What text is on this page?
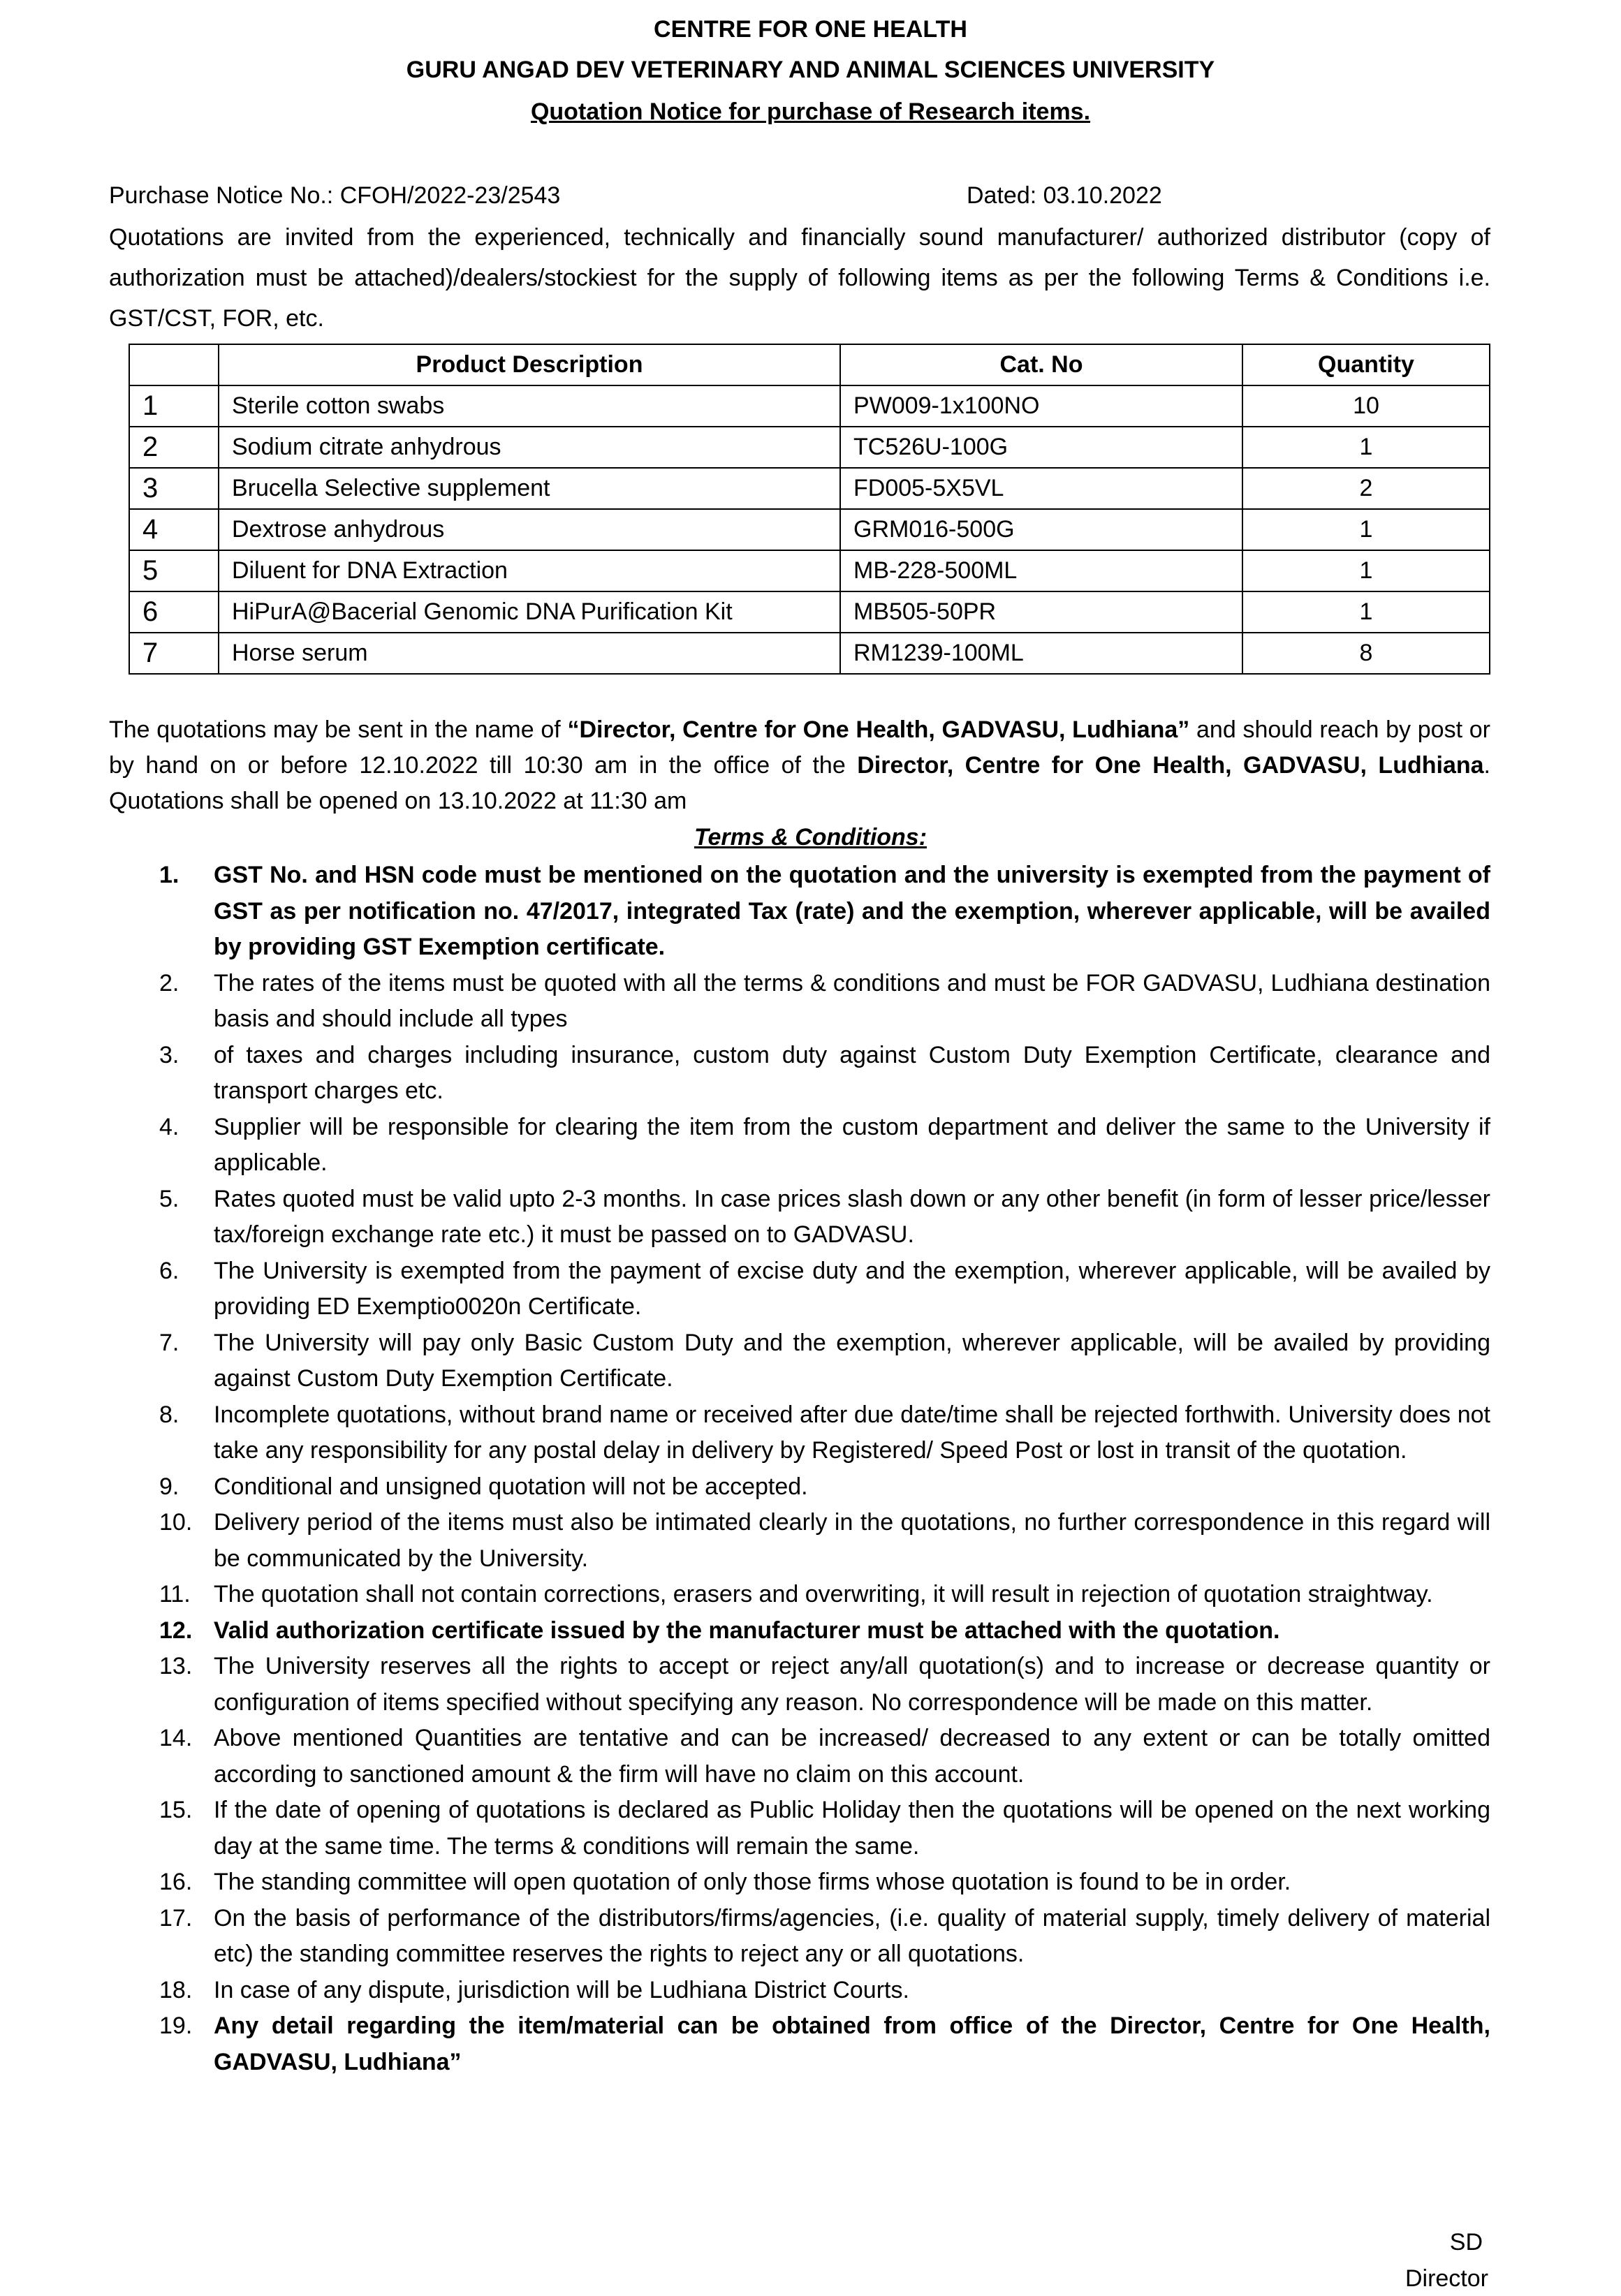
CENTRE FOR ONE HEALTH
GURU ANGAD DEV VETERINARY AND ANIMAL SCIENCES UNIVERSITY
Quotation Notice for purchase of Research items.
Purchase Notice No.: CFOH/2022-23/2543	Dated: 03.10.2022
Quotations are invited from the experienced, technically and financially sound manufacturer/ authorized distributor (copy of authorization must be attached)/dealers/stockiest for the supply of following items as per the following Terms & Conditions i.e. GST/CST, FOR, etc.
	Product Description	Cat. No	Quantity
1	Sterile cotton swabs	PW009-1x100NO	10
2	Sodium citrate anhydrous	TC526U-100G	1
3	Brucella Selective supplement	FD005-5X5VL	2
4	Dextrose anhydrous	GRM016-500G	1
5	Diluent for DNA Extraction	MB-228-500ML	1
6	HiPurA@Bacerial Genomic DNA Purification Kit	MB505-50PR	1
7	Horse serum	RM1239-100ML	8
The quotations may be sent in the name of “Director, Centre for One Health, GADVASU, Ludhiana” and should reach by post or by hand on or before 12.10.2022 till 10:30 am in the office of the Director, Centre for One Health, GADVASU, Ludhiana. Quotations shall be opened on 13.10.2022 at 11:30 am
Terms & Conditions:
1.	GST No. and HSN code must be mentioned on the quotation and the university is exempted from the payment of GST as per notification no. 47/2017, integrated Tax (rate) and the exemption, wherever applicable, will be availed by providing GST Exemption certificate.
2.	The rates of the items must be quoted with all the terms & conditions and must be FOR GADVASU, Ludhiana destination basis and should include all types
3.	of taxes and charges including insurance, custom duty against Custom Duty Exemption Certificate, clearance and transport charges etc.
4.	Supplier will be responsible for clearing the item from the custom department and deliver the same to the University if applicable.
5.	Rates quoted must be valid upto 2-3 months. In case prices slash down or any other benefit (in form of lesser price/lesser tax/foreign exchange rate etc.) it must be passed on to GADVASU.
6.	The University is exempted from the payment of excise duty and the exemption, wherever applicable, will be availed by providing ED Exemptio0020n Certificate.
7.	The University will pay only Basic Custom Duty and the exemption, wherever applicable, will be availed by providing against Custom Duty Exemption Certificate.
8.	Incomplete quotations, without brand name or received after due date/time shall be rejected forthwith. University does not take any responsibility for any postal delay in delivery by Registered/ Speed Post or lost in transit of the quotation.
9.	Conditional and unsigned quotation will not be accepted.
10. Delivery period of the items must also be intimated clearly in the quotations, no further correspondence in this regard will be communicated by the University.
11. The quotation shall not contain corrections, erasers and overwriting, it will result in rejection of quotation straightway.
12. Valid authorization certificate issued by the manufacturer must be attached with the quotation.
13. The University reserves all the rights to accept or reject any/all quotation(s) and to increase or decrease quantity or configuration of items specified without specifying any reason. No correspondence will be made on this matter.
14. Above mentioned Quantities are tentative and can be increased/ decreased to any extent or can be totally omitted according to sanctioned amount & the firm will have no claim on this account.
15. If the date of opening of quotations is declared as Public Holiday then the quotations will be opened on the next working day at the same time. The terms & conditions will remain the same.
16. The standing committee will open quotation of only those firms whose quotation is found to be in order.
17. On the basis of performance of the distributors/firms/agencies, (i.e. quality of material supply, timely delivery of material etc) the standing committee reserves the rights to reject any or all quotations.
18. In case of any dispute, jurisdiction will be Ludhiana District Courts.
19. Any detail regarding the item/material can be obtained from office of the Director, Centre for One Health, GADVASU, Ludhiana”
SD
Director
